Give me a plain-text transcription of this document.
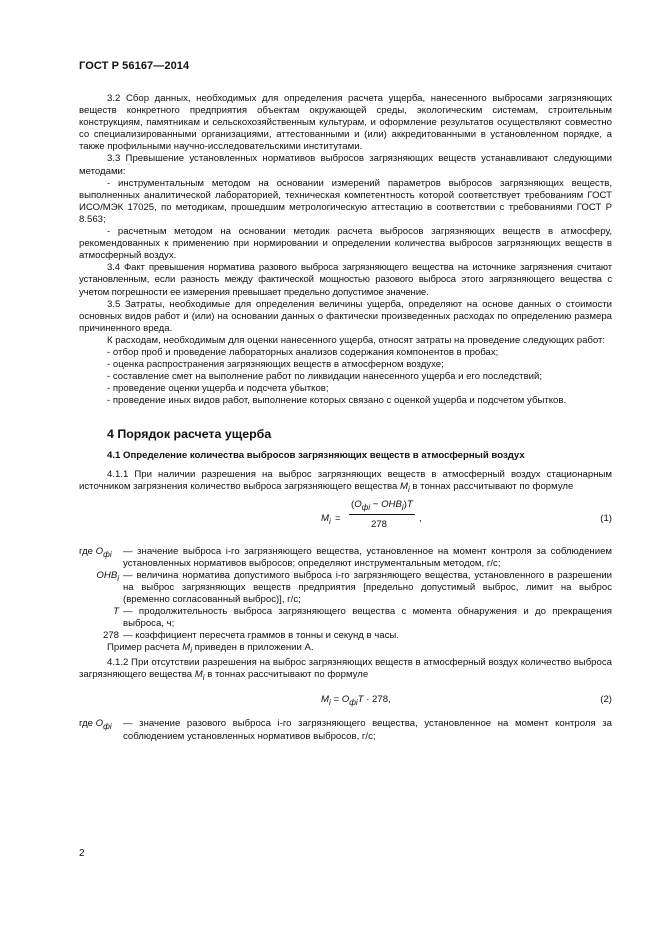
ГОСТ Р 56167—2014

3.2 Сбор данных, необходимых для определения расчета ущерба, нанесенного выбросами загрязняющих веществ конкретного предприятия объектам окружающей среды, экологическим системам, строительным конструкциям, памятникам и сельскохозяйственным культурам, и оформление результатов осуществляют совместно со специализированными организациями, аттестованными и (или) аккредитованными в установленном порядке, а также профильными научно-исследовательскими институтами.

3.3 Превышение установленных нормативов выбросов загрязняющих веществ устанавливают следующими методами:

- инструментальным методом на основании измерений параметров выбросов загрязняющих веществ, выполненных аналитической лабораторией, техническая компетентность которой соответствует требованиям ГОСТ ИСО/МЭК 17025, по методикам, прошедшим метрологическую аттестацию в соответствии с требованиями ГОСТ Р 8.563;

- расчетным методом на основании методик расчета выбросов загрязняющих веществ в атмосферу, рекомендованных к применению при нормировании и определении количества выбросов загрязняющих веществ в атмосферный воздух.

3.4 Факт превышения норматива разового выброса загрязняющего вещества на источнике загрязнения считают установленным, если разность между фактической мощностью разового выброса этого загрязняющего вещества с учетом погрешности ее измерения превышает предельно допустимое значение.

3.5 Затраты, необходимые для определения величины ущерба, определяют на основе данных о стоимости основных видов работ и (или) на основании данных о фактически произведенных расходах по определению размера причиненного вреда.

К расходам, необходимым для оценки нанесенного ущерба, относят затраты на проведение следующих работ:

- отбор проб и проведение лабораторных анализов содержания компонентов в пробах;

- оценка распространения загрязняющих веществ в атмосферном воздухе;

- составление смет на выполнение работ по ликвидации нанесенного ущерба и его последствий;

- проведение оценки ущерба и подсчета убытков;

- проведение иных видов работ, выполнение которых связано с оценкой ущерба и подсчетом убытков.

4 Порядок расчета ущерба
4.1 Определение количества выбросов загрязняющих веществ в атмосферный воздух

4.1.1 При наличии разрешения на выброс загрязняющих веществ в атмосферный воздух стационарным источником загрязнения количество выброса загрязняющего вещества $M_i$ в тоннах рассчитывают по формуле

$M_i$ =
$(O_{фi} - ОНВ_i)T$
278
,	(1)
где $O_{фi}$	— значение выброса i-го загрязняющего вещества, установленное на момент контроля за соблюдением установленных нормативов выбросов; определяют инструментальным методом, г/с;
$ОНВ_i$ — величина норматива допустимого выброса i-го загрязняющего вещества, установленного в разрешении на выброс загрязняющих веществ предприятия [предельно допустимый выброс, лимит на выброс (временно согласованный выброс)], г/с;
T — продолжительность выброса загрязняющего вещества с момента обнаружения и до прекращения выброса, ч;
278 — коэффициент пересчета граммов в тонны и секунд в часы.

Пример расчета $M_i$ приведен в приложении А.

4.1.2 При отсутствии разрешения на выброс загрязняющих веществ в атмосферный воздух количество выброса загрязняющего вещества $M_i$ в тоннах рассчитывают по формуле

$M_i = O_{фi}T \cdot 278$,	(2)
где $O_{фi}$	— значение разового выброса i-го загрязняющего вещества, установленное на момент контроля за соблюдением установленных нормативов выбросов, г/с;
2
